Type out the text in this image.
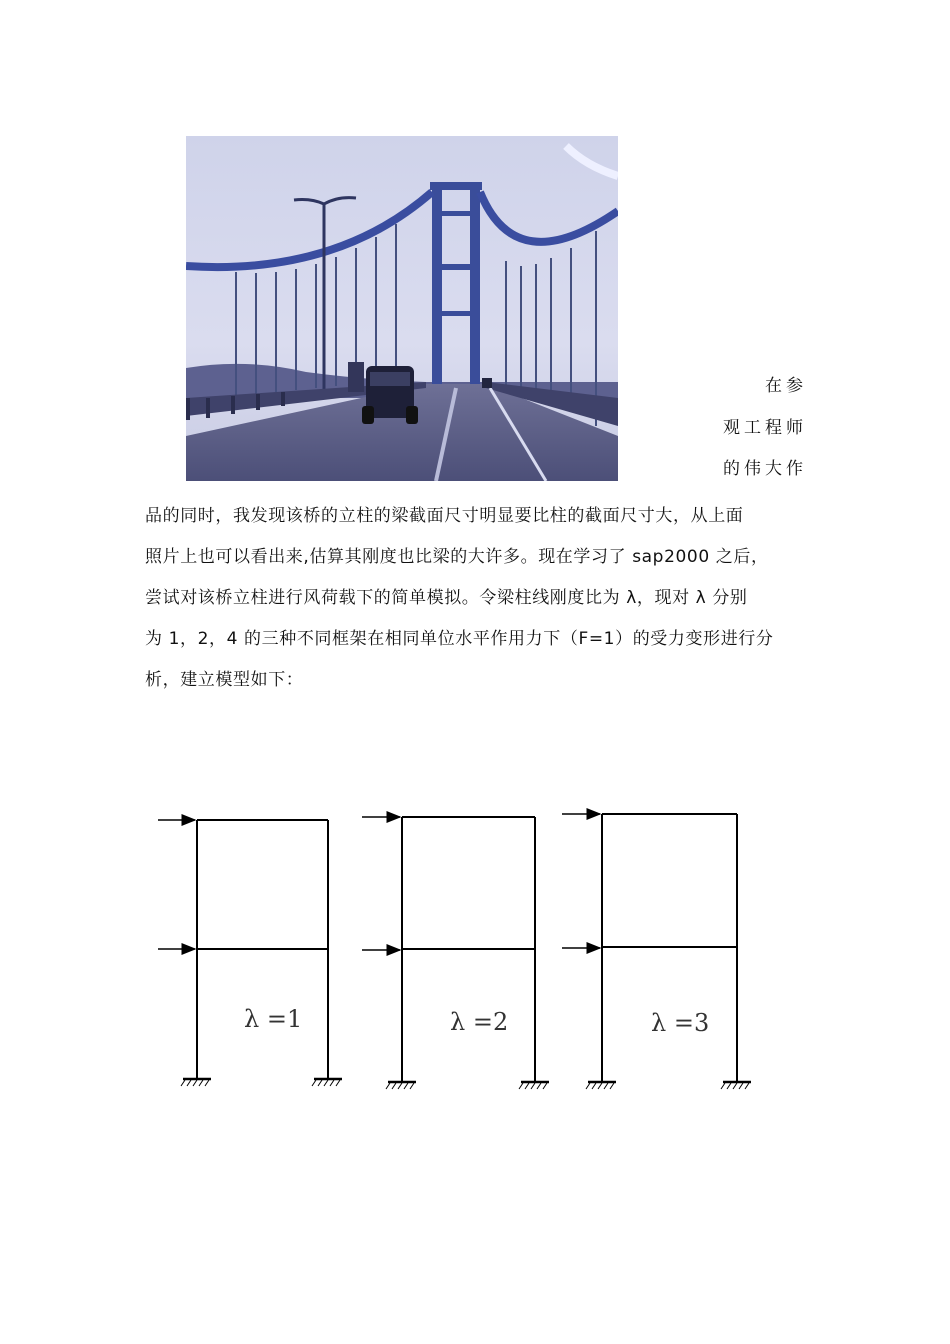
在参
观工程师
的伟大作

品的同时，我发现该桥的立柱的梁截面尺寸明显要比柱的截面尺寸大，从上面

照片上也可以看出来,估算其刚度也比梁的大许多。现在学习了 sap2000 之后，

尝试对该桥立柱进行风荷载下的简单模拟。令梁柱线刚度比为 λ，现对 λ 分别

为 1，2，4 的三种不同框架在相同单位水平作用力下（F=1）的受力变形进行分

析，建立模型如下：

λ =1	λ =2	λ =3
